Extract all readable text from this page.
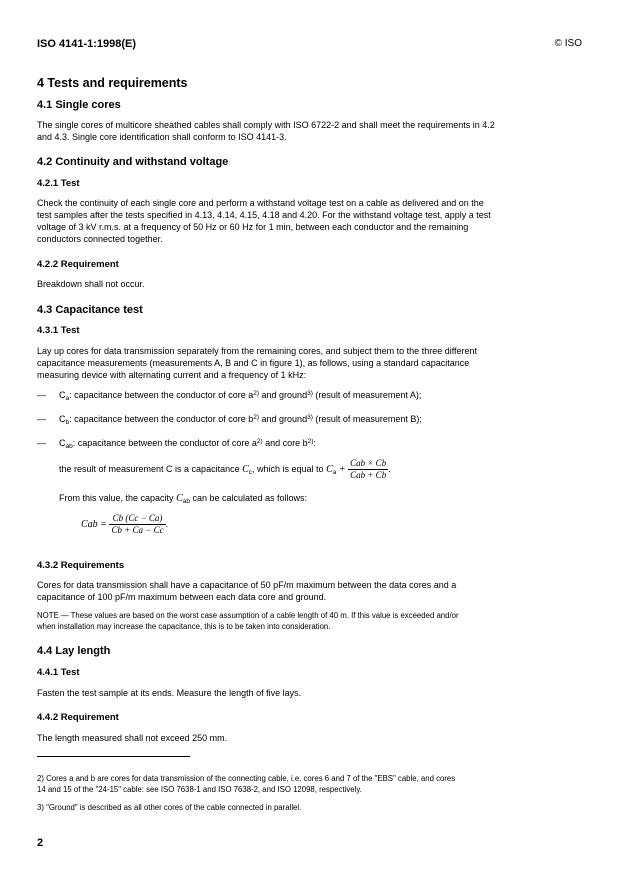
ISO 4141-1:1998(E)	© ISO
4 Tests and requirements
4.1 Single cores

The single cores of multicore sheathed cables shall comply with ISO 6722-2 and shall meet the requirements in 4.2

and 4.3. Single core identification shall conform to ISO 4141-3.

4.2 Continuity and withstand voltage
4.2.1 Test

Check the continuity of each single core and perform a withstand voltage test on a cable as delivered and on the

test samples after the tests specified in 4.13, 4.14, 4.15, 4.18 and 4.20. For the withstand voltage test, apply a test

voltage of 3 kV r.m.s. at a frequency of 50 Hz or 60 Hz for 1 min, between each conductor and the remaining

conductors connected together.

4.2.2 Requirement

Breakdown shall not occur.

4.3 Capacitance test
4.3.1 Test

Lay up cores for data transmission separately from the remaining cores, and subject them to the three different

capacitance measurements (measurements A, B and C in figure 1), as follows, using a standard capacitance

measuring device with alternating current and a frequency of 1 kHz:

— $C_a$: capacitance between the conductor of core $a^{2)}$ and ground$^{3)}$ (result of measurement A);
— $C_b$: capacitance between the conductor of core $b^{2)}$ and ground$^{3)}$ (result of measurement B);
— $C_{ab}$: capacitance between the conductor of core $a^{2)}$ and core $b^{2)}$:
the result of measurement C is a capacitance $C_c$, which is equal to $C_a + \frac{\text{Cab × Cb}}{\text{Cab + Cb}}$ .
From this value, the capacity $C_{ab}$ can be calculated as follows:
Cab = $\frac{Cb (Cc - Ca)}{Cb + Ca - Cc}$ .
4.3.2 Requirements

Cores for data transmission shall have a capacitance of 50 pF/m maximum between the data cores and a

capacitance of 100 pF/m maximum between each data core and ground.

NOTE — These values are based on the worst case assumption of a cable length of 40 m. If this value is exceeded and/or

when installation may increase the capacitance, this is to be taken into consideration.

4.4 Lay length
4.4.1 Test

Fasten the test sample at its ends. Measure the length of five lays.

4.4.2 Requirement

The length measured shall not exceed 250 mm.

2) Cores a and b are cores for data transmission of the connecting cable, i.e. cores 6 and 7 of the "EBS" cable, and cores

14 and 15 of the "24-15" cable: see ISO 7638-1 and ISO 7638-2, and ISO 12098, respectively.

3) "Ground" is described as all other cores of the cable connected in parallel.

2
